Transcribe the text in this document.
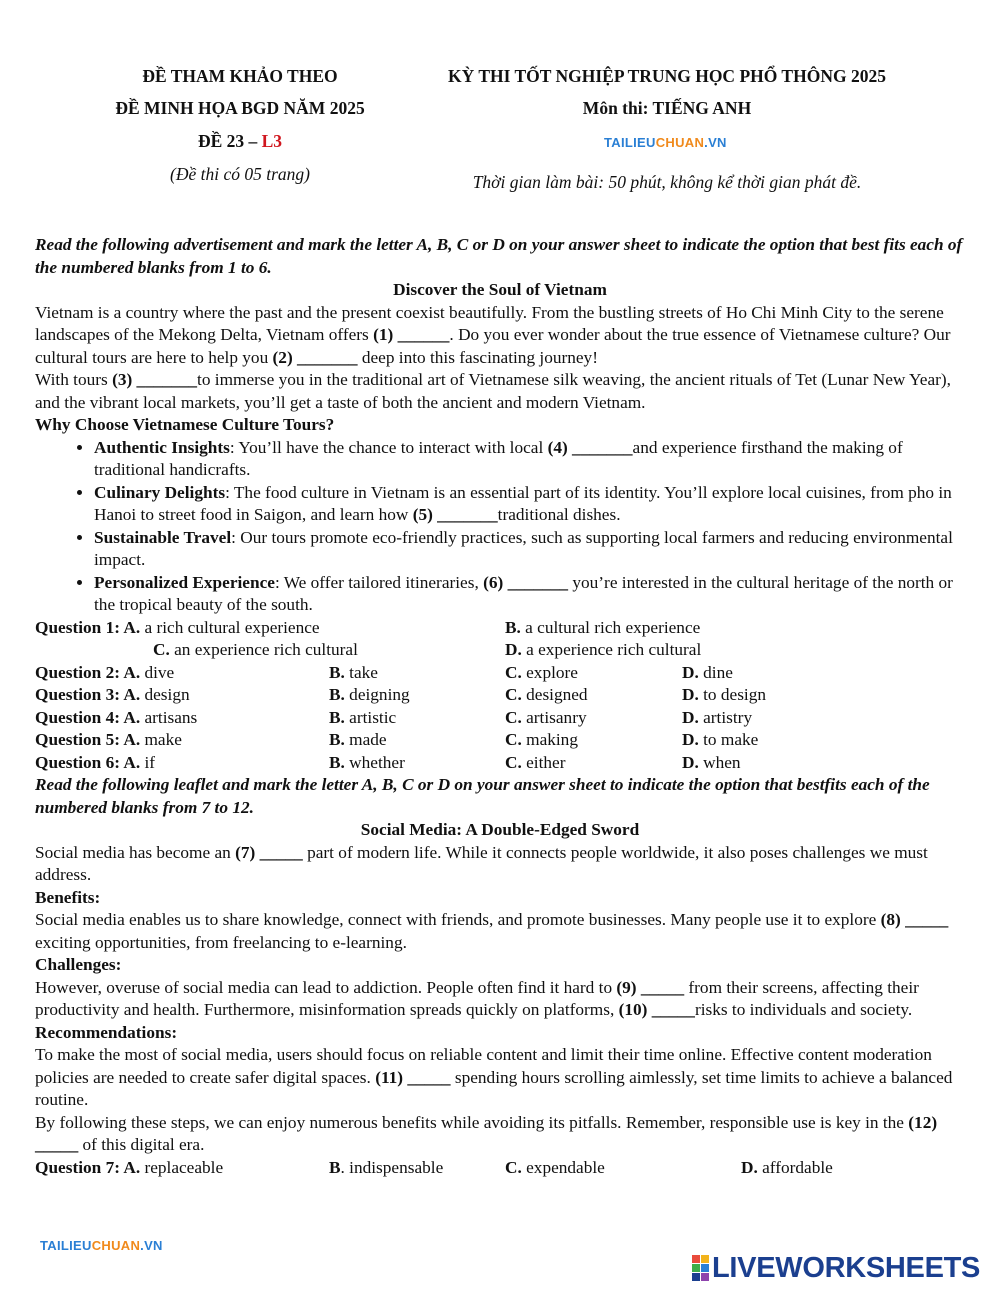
ĐỀ THAM KHẢO THEO
ĐỀ MINH HỌA BGD NĂM 2025
ĐỀ 23 – L3
(Đề thi có 05 trang)
KỲ THI TỐT NGHIỆP TRUNG HỌC PHỔ THÔNG 2025
Môn thi: TIẾNG ANH
TAILIEUCHUAN.VN
Thời gian làm bài: 50 phút, không kể thời gian phát đề.

Read the following advertisement and mark the letter A, B, C or D on your answer sheet to indicate the option that best fits each of the numbered blanks from 1 to 6.

Discover the Soul of Vietnam

Vietnam is a country where the past and the present coexist beautifully. From the bustling streets of Ho Chi Minh City to the serene landscapes of the Mekong Delta, Vietnam offers (1) ______. Do you ever wonder about the true essence of Vietnamese culture? Our cultural tours are here to help you (2) _______ deep into this fascinating journey!

With tours (3) _______to immerse you in the traditional art of Vietnamese silk weaving, the ancient rituals of Tet (Lunar New Year), and the vibrant local markets, you’ll get a taste of both the ancient and modern Vietnam.

Why Choose Vietnamese Culture Tours?

• Authentic Insights: You’ll have the chance to interact with local (4) _______and experience firsthand the making of traditional handicrafts.
• Culinary Delights: The food culture in Vietnam is an essential part of its identity. You’ll explore local cuisines, from pho in Hanoi to street food in Saigon, and learn how (5) _______traditional dishes.
• Sustainable Travel: Our tours promote eco-friendly practices, such as supporting local farmers and reducing environmental impact.
• Personalized Experience: We offer tailored itineraries, (6) _______ you’re interested in the cultural heritage of the north or the tropical beauty of the south.
Question 1: A. a rich cultural experience	B. a cultural rich experience
C. an experience rich cultural	D. a experience rich cultural
Question 2: A. dive	B. take	C. explore	D. dine
Question 3: A. design	B. deigning	C. designed	D. to design
Question 4: A. artisans	B. artistic	C. artisanry	D. artistry
Question 5: A. make	B. made	C. making	D. to make
Question 6: A. if	B. whether	C. either	D. when

Read the following leaflet and mark the letter A, B, C or D on your answer sheet to indicate the option that bestfits each of the numbered blanks from 7 to 12.

Social Media: A Double-Edged Sword

Social media has become an (7) _____ part of modern life. While it connects people worldwide, it also poses challenges we must address.

Benefits:

Social media enables us to share knowledge, connect with friends, and promote businesses. Many people use it to explore (8) _____ exciting opportunities, from freelancing to e-learning.

Challenges:

However, overuse of social media can lead to addiction. People often find it hard to (9) _____ from their screens, affecting their productivity and health. Furthermore, misinformation spreads quickly on platforms, (10) _____risks to individuals and society.

Recommendations:

To make the most of social media, users should focus on reliable content and limit their time online. Effective content moderation policies are needed to create safer digital spaces. (11) _____ spending hours scrolling aimlessly, set time limits to achieve a balanced routine.

By following these steps, we can enjoy numerous benefits while avoiding its pitfalls. Remember, responsible use is key in the (12) _____ of this digital era.

Question 7: A. replaceable	B. indispensable	C. expendable	D. affordable
TAILIEUCHUAN.VN
LIVEWORKSHEETS
